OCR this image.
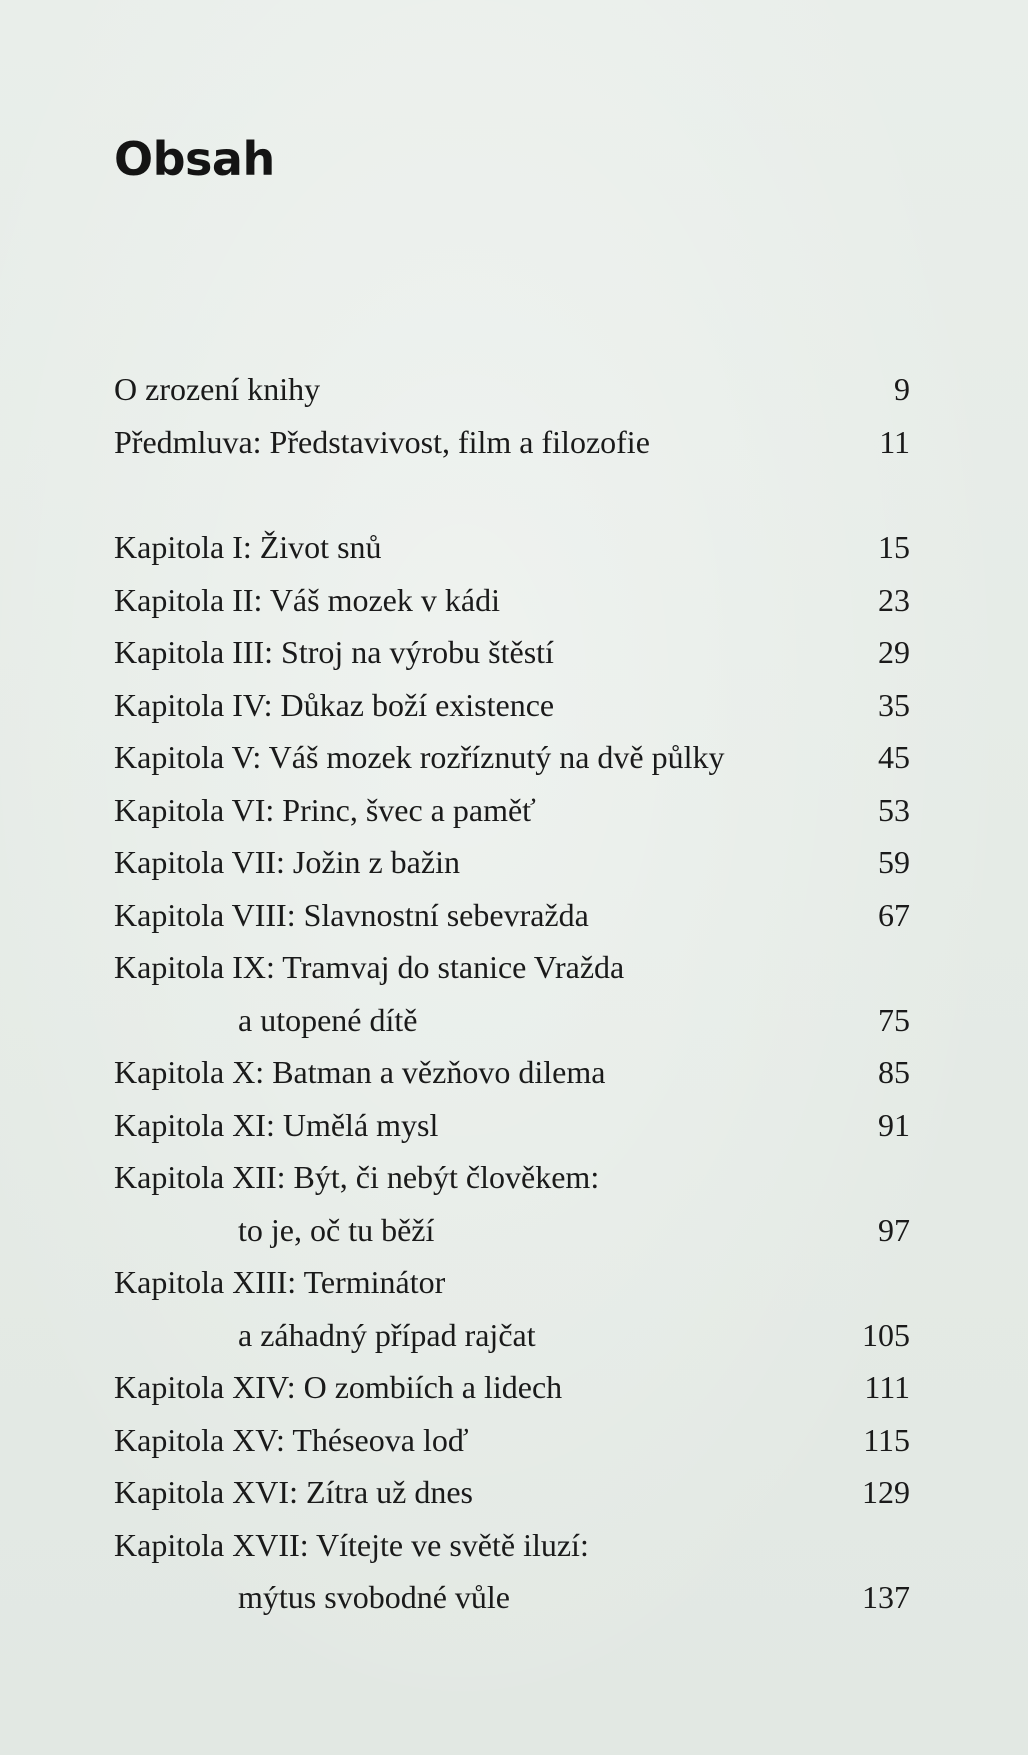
Obsah
O zrození knihy	9
Předmluva: Představivost, film a filozofie	11
Kapitola I: Život snů	15
Kapitola II: Váš mozek v kádi	23
Kapitola III: Stroj na výrobu štěstí	29
Kapitola IV: Důkaz boží existence	35
Kapitola V: Váš mozek rozříznutý na dvě půlky	45
Kapitola VI: Princ, švec a paměť	53
Kapitola VII: Jožin z bažin	59
Kapitola VIII: Slavnostní sebevražda	67
Kapitola IX: Tramvaj do stanice Vražda
a utopené dítě	75
Kapitola X: Batman a vězňovo dilema	85
Kapitola XI: Umělá mysl	91
Kapitola XII: Být, či nebýt člověkem:
to je, oč tu běží	97
Kapitola XIII: Terminátor
a záhadný případ rajčat	105
Kapitola XIV: O zombiích a lidech	111
Kapitola XV: Théseova loď	115
Kapitola XVI: Zítra už dnes	129
Kapitola XVII: Vítejte ve světě iluzí:
mýtus svobodné vůle	137
